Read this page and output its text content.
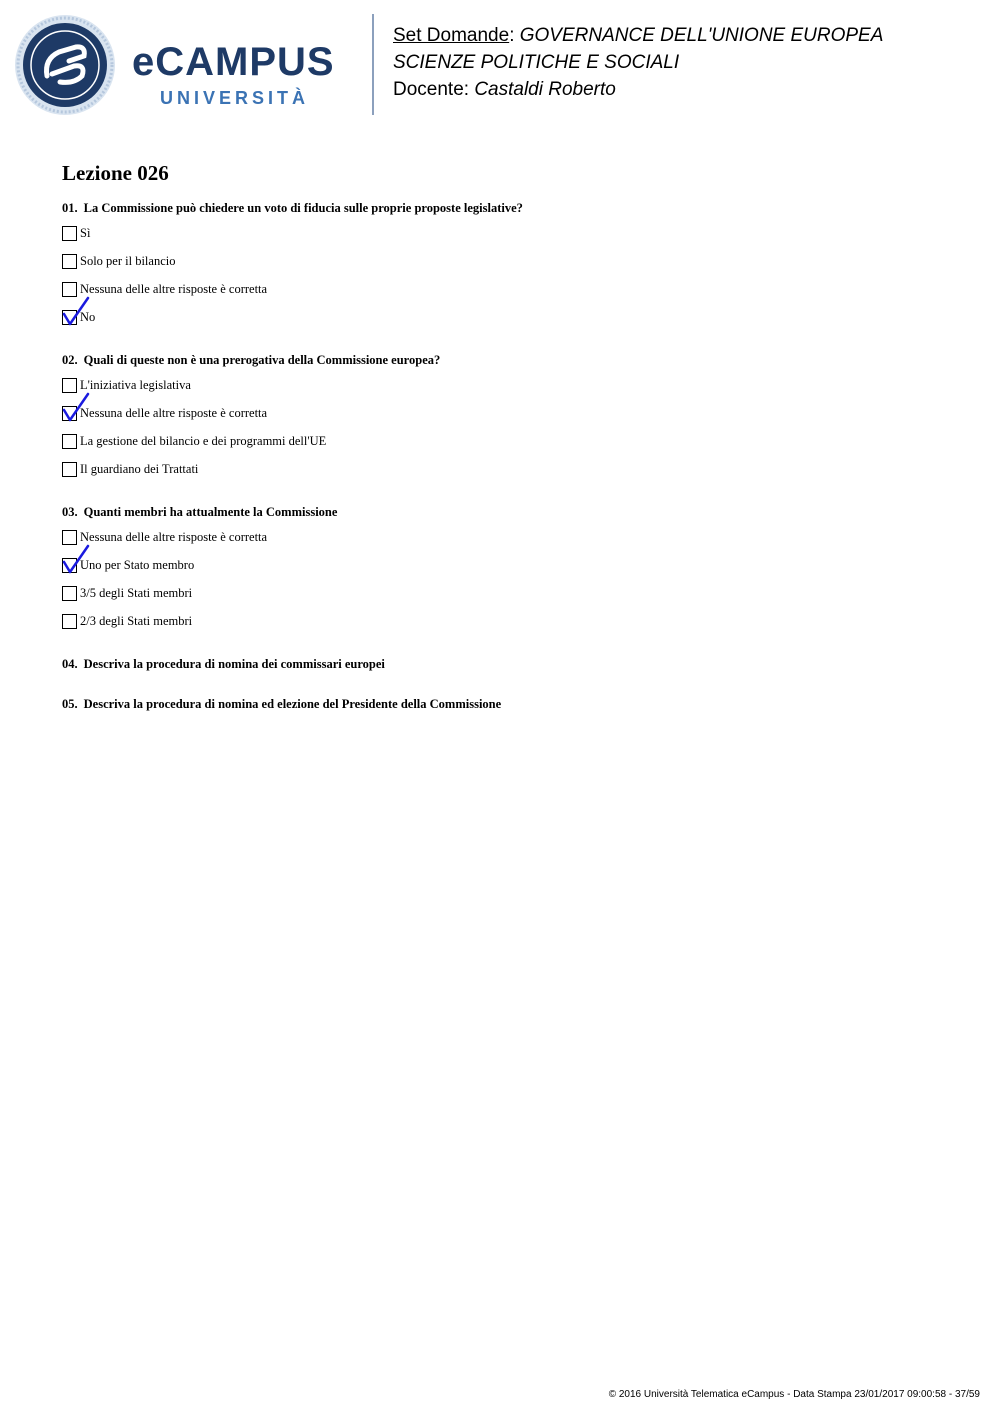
eCAMPUS
UNIVERSITÀ
Set Domande: GOVERNANCE DELL'UNIONE EUROPEA
SCIENZE POLITICHE E SOCIALI
Docente: Castaldi Roberto
Lezione 026
01. La Commissione può chiedere un voto di fiducia sulle proprie proposte legislative?
Sì
Solo per il bilancio
Nessuna delle altre risposte è corretta
No
02. Quali di queste non è una prerogativa della Commissione europea?
L'iniziativa legislativa
Nessuna delle altre risposte è corretta
La gestione del bilancio e dei programmi dell'UE
Il guardiano dei Trattati
03. Quanti membri ha attualmente la Commissione
Nessuna delle altre risposte è corretta
Uno per Stato membro
3/5 degli Stati membri
2/3 degli Stati membri
04. Descriva la procedura di nomina dei commissari europei
05. Descriva la procedura di nomina ed elezione del Presidente della Commissione
© 2016 Università Telematica eCampus - Data Stampa 23/01/2017 09:00:58 - 37/59
